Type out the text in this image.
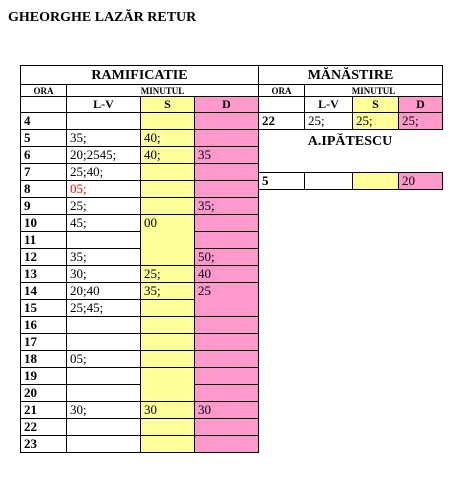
GHEORGHE LAZĂR RETUR
RAMIFICATIE			
ORA	MINUTUL		
	L-V	S	D
4			
5	35;	40;	
6	20;2545;	40;	35
7	25;40;		
8	05;		
9	25;		35;
10	45;	00	
11			
12	35;		50;
13	30;	25;	40
14	20;40	35;	25
15	25;45;		
16			
17			
18	05;		
19			
20			
21	30;	30	30
22			
23			
MĂNĂSTIRE			
ORA	MINUTUL		
	L-V	S	D
22	25;	25;	25;
A.IPĂTESCU
5			20
